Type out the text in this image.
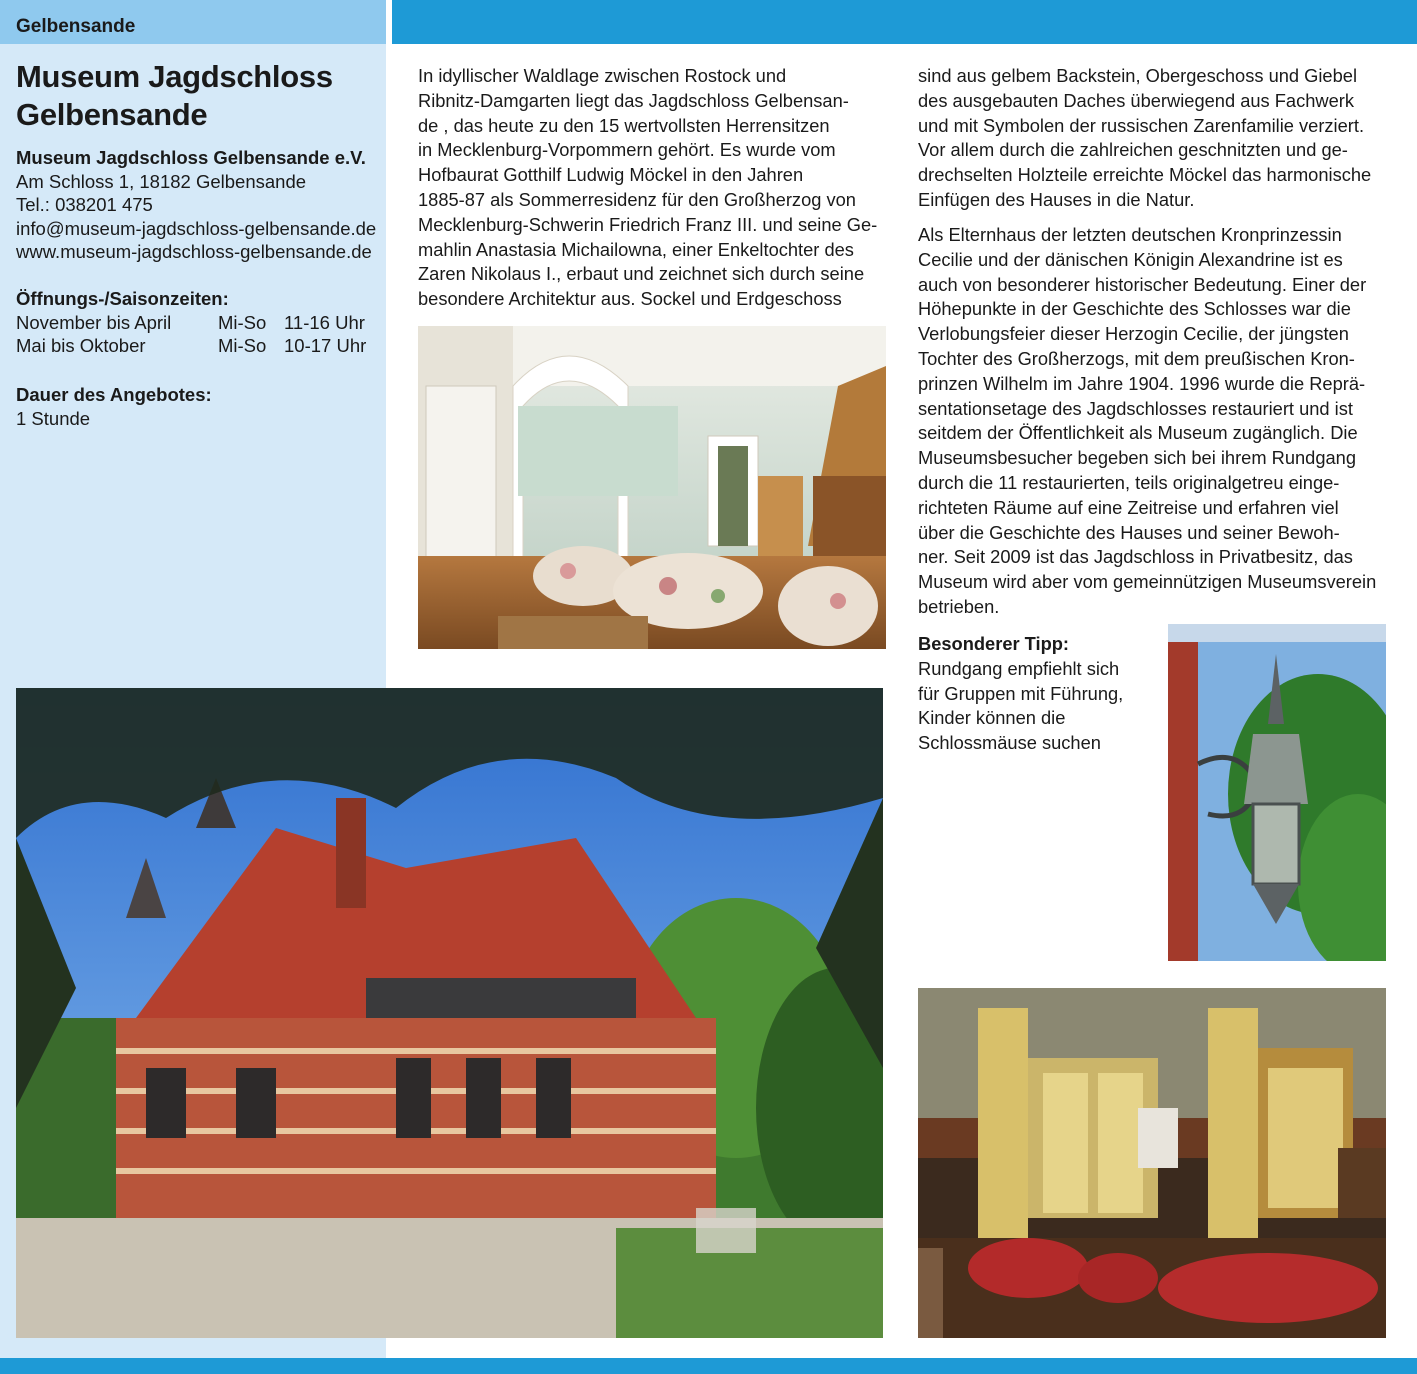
Gelbensande
Museum Jagdschloss
Gelbensande
Museum Jagdschloss Gelbensande e.V.
Am Schloss 1, 18182 Gelbensande
Tel.: 038201 475
info@museum-jagdschloss-gelbensande.de
www.museum-jagdschloss-gelbensande.de
Öffnungs-/Saisonzeiten:
November bis April	Mi-So 11-16 Uhr
Mai bis Oktober	Mi-So 10-17 Uhr
Dauer des Angebotes:
1 Stunde
In idyllischer Waldlage zwischen Rostock und
Ribnitz-Damgarten liegt das Jagdschloss Gelbensan-
de , das heute zu den 15 wertvollsten Herrensitzen
in Mecklenburg-Vorpommern gehört. Es wurde vom
Hofbaurat Gotthilf Ludwig Möckel in den Jahren
1885-87 als Sommerresidenz für den Großherzog von
Mecklenburg-Schwerin Friedrich Franz III. und seine Ge-
mahlin Anastasia Michailowna, einer Enkeltochter des
Zaren Nikolaus I., erbaut und zeichnet sich durch seine
besondere Architektur aus. Sockel und Erdgeschoss
sind aus gelbem Backstein, Obergeschoss und Giebel
des ausgebauten Daches überwiegend aus Fachwerk
und mit Symbolen der russischen Zarenfamilie verziert.
Vor allem durch die zahlreichen geschnitzten und ge-
drechselten Holzteile erreichte Möckel das harmonische
Einfügen des Hauses in die Natur.
Als Elternhaus der letzten deutschen Kronprinzessin
Cecilie und der dänischen Königin Alexandrine ist es
auch von besonderer historischer Bedeutung. Einer der
Höhepunkte in der Geschichte des Schlosses war die
Verlobungsfeier dieser Herzogin Cecilie, der jüngsten
Tochter des Großherzogs, mit dem preußischen Kron-
prinzen Wilhelm im Jahre 1904. 1996 wurde die Reprä-
sentationsetage des Jagdschlosses restauriert und ist
seitdem der Öffentlichkeit als Museum zugänglich. Die
Museumsbesucher begeben sich bei ihrem Rundgang
durch die 11 restaurierten, teils originalgetreu einge-
richteten Räume auf eine Zeitreise und erfahren viel
über die Geschichte des Hauses und seiner Bewoh-
ner. Seit 2009 ist das Jagdschloss in Privatbesitz, das
Museum wird aber vom gemeinnützigen Museumsverein
betrieben.
Besonderer Tipp:
Rundgang empfiehlt sich
für Gruppen mit Führung,
Kinder können die
Schlossmäuse suchen
